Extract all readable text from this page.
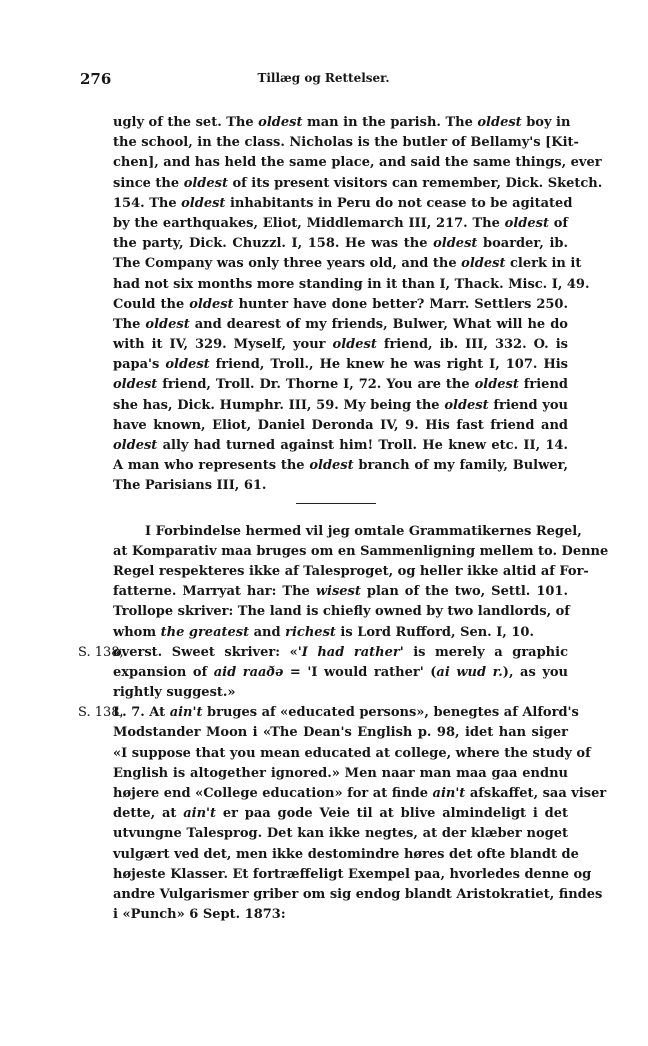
276	Tillæg og Rettelser.
ugly of the set. The oldest man in the parish. The oldest boy in
the school, in the class. Nicholas is the butler of Bellamy's [Kit-
chen], and has held the same place, and said the same things, ever
since the oldest of its present visitors can remember, Dick. Sketch.
154. The oldest inhabitants in Peru do not cease to be agitated
by the earthquakes, Eliot, Middlemarch III, 217. The oldest of
the party, Dick. Chuzzl. I, 158. He was the oldest boarder, ib.
The Company was only three years old, and the oldest clerk in it
had not six months more standing in it than I, Thack. Misc. I, 49.
Could the oldest hunter have done better? Marr. Settlers 250.
The oldest and dearest of my friends, Bulwer, What will he do
with it IV, 329. Myself, your oldest friend, ib. III, 332. O. is
papa's oldest friend, Troll., He knew he was right I, 107. His
oldest friend, Troll. Dr. Thorne I, 72. You are the oldest friend
she has, Dick. Humphr. III, 59. My being the oldest friend you
have known, Eliot, Daniel Deronda IV, 9. His fast friend and
oldest ally had turned against him! Troll. He knew etc. II, 14.
A man who represents the oldest branch of my family, Bulwer,
The Parisians III, 61.
I Forbindelse hermed vil jeg omtale Grammatikernes Regel,
at Komparativ maa bruges om en Sammenligning mellem to. Denne
Regel respekteres ikke af Talesproget, og heller ikke altid af For-
fatterne. Marryat har: The wisest plan of the two, Settl. 101.
Trollope skriver: The land is chiefly owned by two landlords, of
whom the greatest and richest is Lord Rufford, Sen. I, 10.
S. 138,
øverst. Sweet skriver: «'I had rather' is merely a graphic
expansion of aid raaðə = 'I would rather' (ai wud r.), as you
rightly suggest.»
S. 138,
L. 7. At ain't bruges af «educated persons», benegtes af Alford's
Modstander Moon i «The Dean's English p. 98, idet han siger
«I suppose that you mean educated at college, where the study of
English is altogether ignored.» Men naar man maa gaa endnu
højere end «College education» for at finde ain't afskaffet, saa viser
dette, at ain't er paa gode Veie til at blive almindeligt i det
utvungne Talesprog. Det kan ikke negtes, at der klæber noget
vulgært ved det, men ikke destomindre høres det ofte blandt de
højeste Klasser. Et fortræffeligt Exempel paa, hvorledes denne og
andre Vulgarismer griber om sig endog blandt Aristokratiet, findes
i «Punch» 6 Sept. 1873:
